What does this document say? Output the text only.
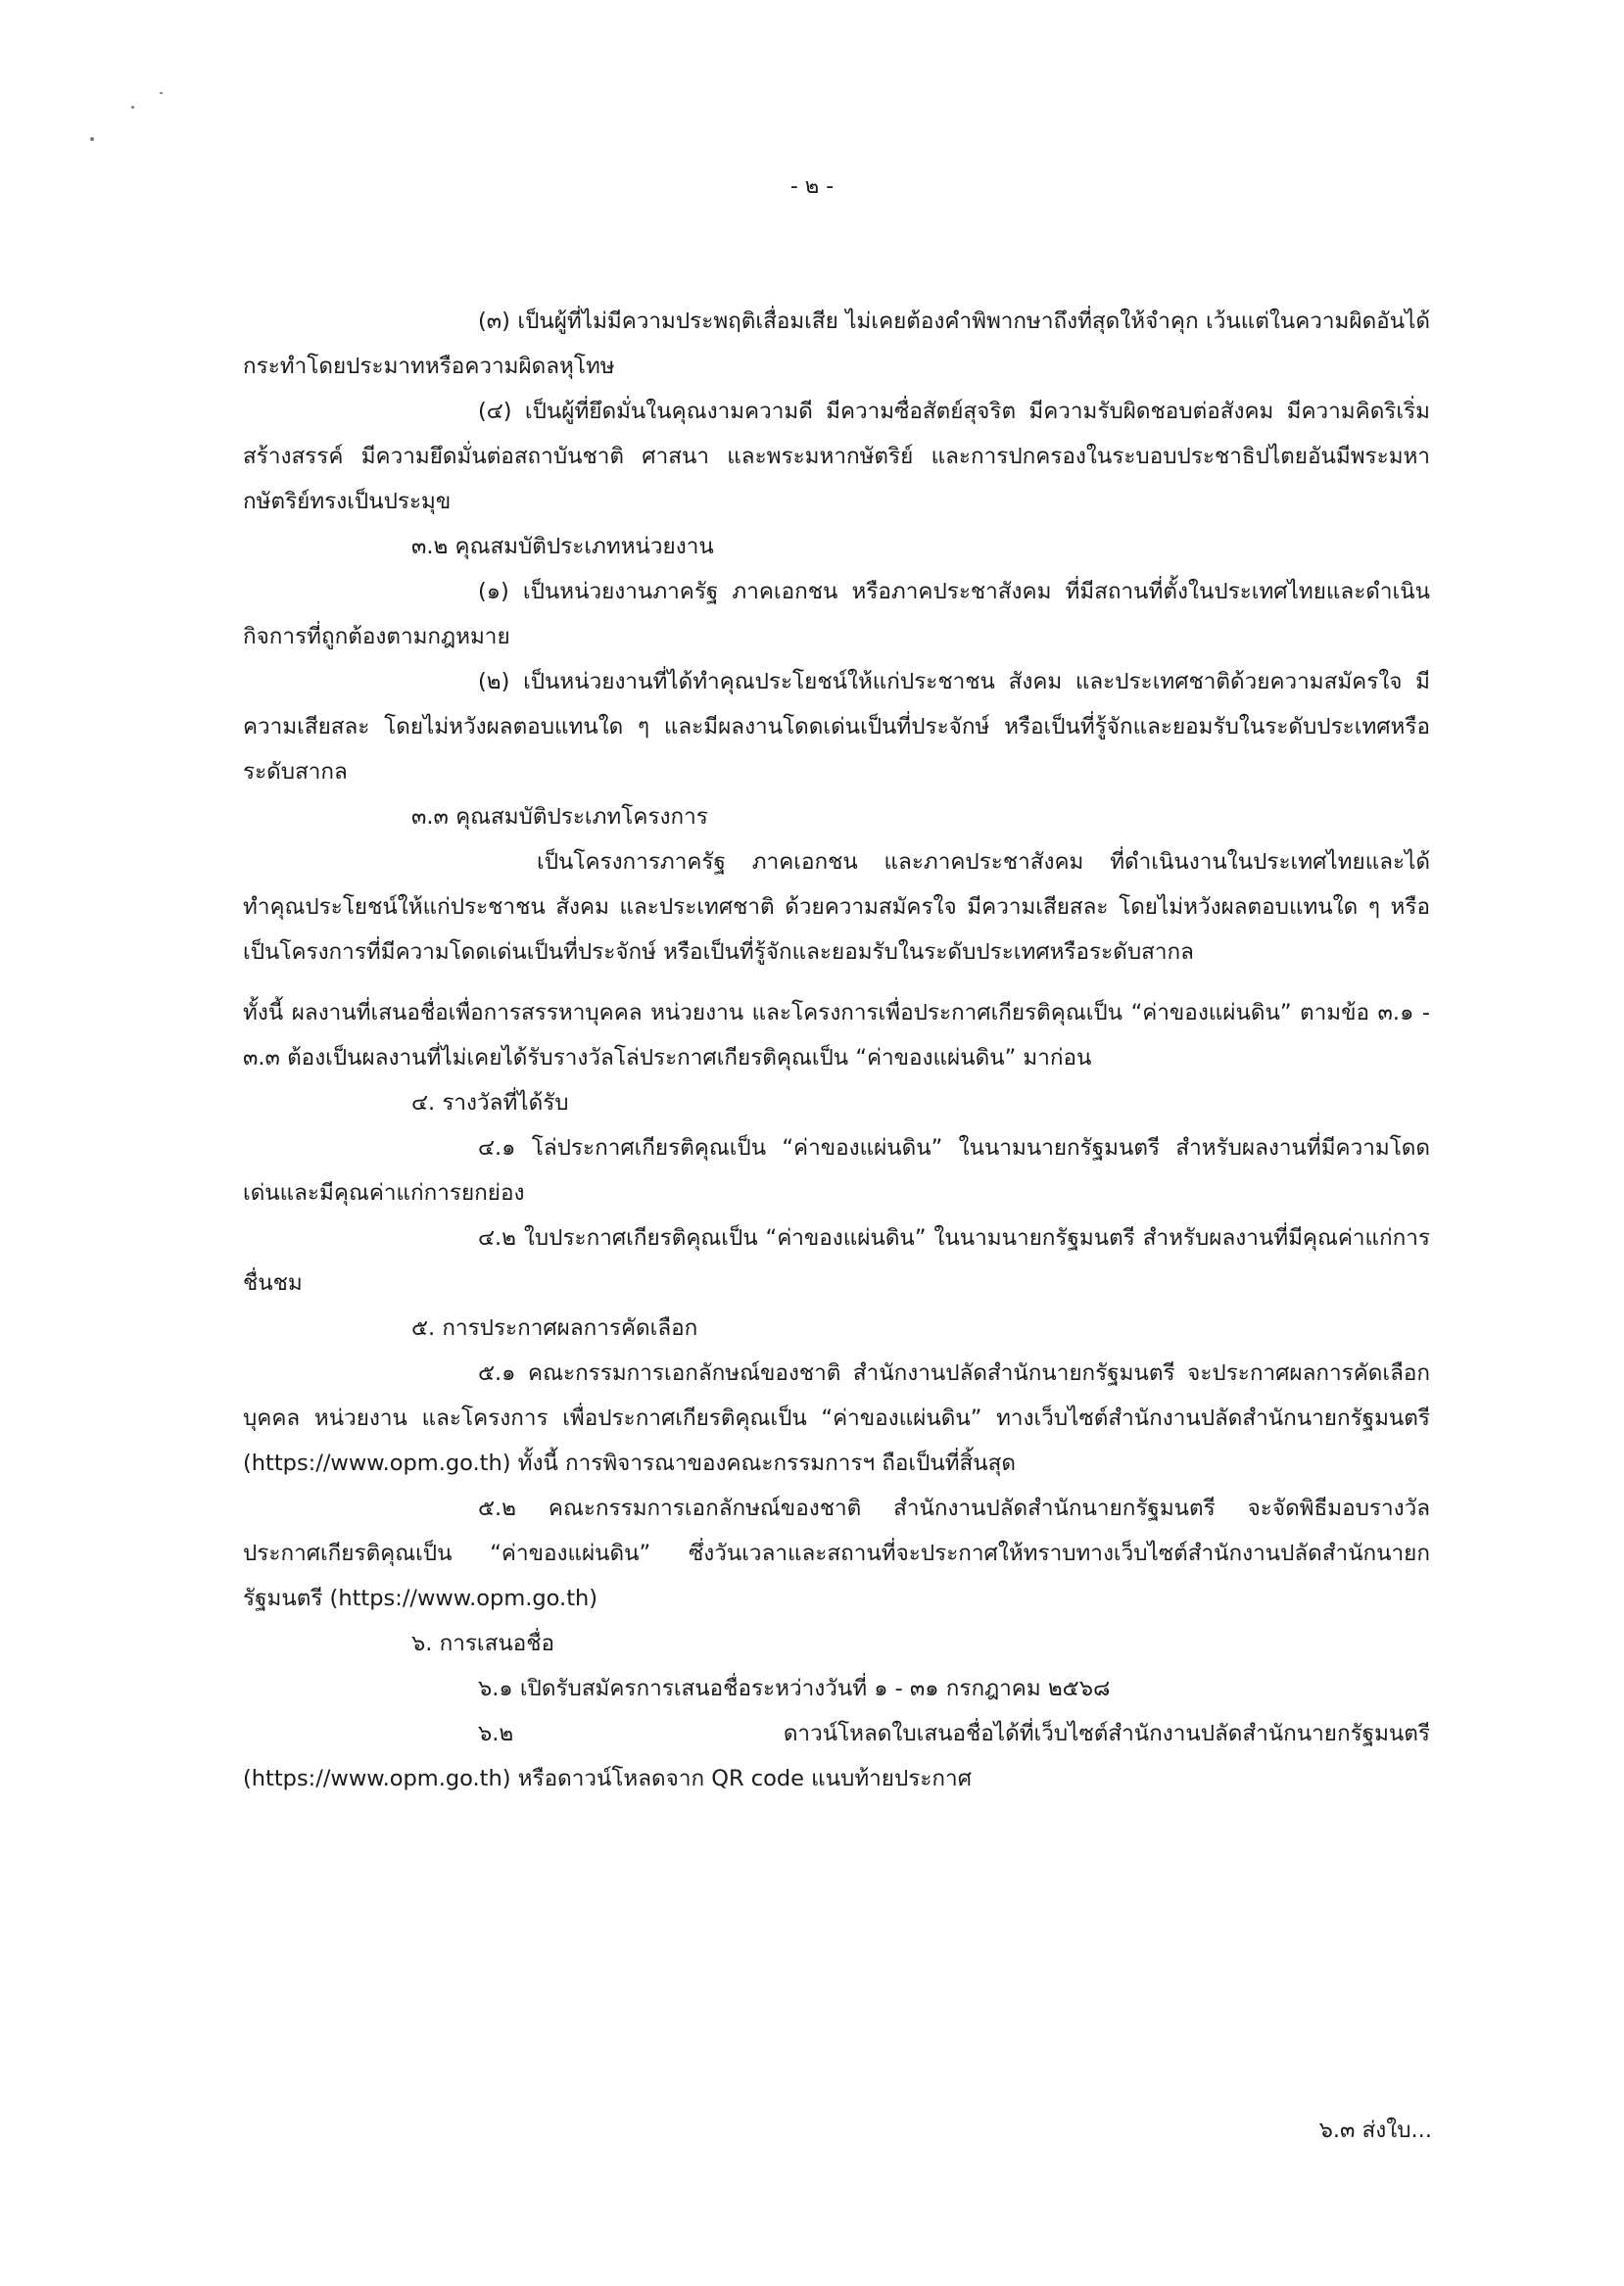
- ๒ -

(๓) เป็นผู้ที่ไม่มีความประพฤติเสื่อมเสีย ไม่เคยต้องคำพิพากษาถึงที่สุดให้จำคุก เว้นแต่ในความผิดอันได้กระทำโดยประมาทหรือความผิดลหุโทษ

(๔) เป็นผู้ที่ยึดมั่นในคุณงามความดี มีความซื่อสัตย์สุจริต มีความรับผิดชอบต่อสังคม มีความคิดริเริ่มสร้างสรรค์ มีความยึดมั่นต่อสถาบันชาติ ศาสนา และพระมหากษัตริย์ และการปกครองในระบอบประชาธิปไตยอันมีพระมหากษัตริย์ทรงเป็นประมุข

๓.๒ คุณสมบัติประเภทหน่วยงาน

(๑) เป็นหน่วยงานภาครัฐ ภาคเอกชน หรือภาคประชาสังคม ที่มีสถานที่ตั้งในประเทศไทยและดำเนินกิจการที่ถูกต้องตามกฎหมาย

(๒) เป็นหน่วยงานที่ได้ทำคุณประโยชน์ให้แก่ประชาชน สังคม และประเทศชาติด้วยความสมัครใจ มีความเสียสละ โดยไม่หวังผลตอบแทนใด ๆ และมีผลงานโดดเด่นเป็นที่ประจักษ์ หรือเป็นที่รู้จักและยอมรับในระดับประเทศหรือระดับสากล

๓.๓ คุณสมบัติประเภทโครงการ

เป็นโครงการภาครัฐ ภาคเอกชน และภาคประชาสังคม ที่ดำเนินงานในประเทศไทยและได้ทำคุณประโยชน์ให้แก่ประชาชน สังคม และประเทศชาติ ด้วยความสมัครใจ มีความเสียสละ โดยไม่หวังผลตอบแทนใด ๆ หรือเป็นโครงการที่มีความโดดเด่นเป็นที่ประจักษ์ หรือเป็นที่รู้จักและยอมรับในระดับประเทศหรือระดับสากล

ทั้งนี้ ผลงานที่เสนอชื่อเพื่อการสรรหาบุคคล หน่วยงาน และโครงการเพื่อประกาศเกียรติคุณเป็น “ค่าของแผ่นดิน” ตามข้อ ๓.๑ - ๓.๓ ต้องเป็นผลงานที่ไม่เคยได้รับรางวัลโล่ประกาศเกียรติคุณเป็น “ค่าของแผ่นดิน” มาก่อน

๔. รางวัลที่ได้รับ

๔.๑ โล่ประกาศเกียรติคุณเป็น “ค่าของแผ่นดิน” ในนามนายกรัฐมนตรี สำหรับผลงานที่มีความโดดเด่นและมีคุณค่าแก่การยกย่อง

๔.๒ ใบประกาศเกียรติคุณเป็น “ค่าของแผ่นดิน” ในนามนายกรัฐมนตรี สำหรับผลงานที่มีคุณค่าแก่การชื่นชม

๕. การประกาศผลการคัดเลือก

๕.๑ คณะกรรมการเอกลักษณ์ของชาติ สำนักงานปลัดสำนักนายกรัฐมนตรี จะประกาศผลการคัดเลือกบุคคล หน่วยงาน และโครงการ เพื่อประกาศเกียรติคุณเป็น “ค่าของแผ่นดิน” ทางเว็บไซต์สำนักงานปลัดสำนักนายกรัฐมนตรี (https://www.opm.go.th) ทั้งนี้ การพิจารณาของคณะกรรมการฯ ถือเป็นที่สิ้นสุด

๕.๒ คณะกรรมการเอกลักษณ์ของชาติ สำนักงานปลัดสำนักนายกรัฐมนตรี จะจัดพิธีมอบรางวัลประกาศเกียรติคุณเป็น “ค่าของแผ่นดิน” ซึ่งวันเวลาและสถานที่จะประกาศให้ทราบทางเว็บไซต์สำนักงานปลัดสำนักนายกรัฐมนตรี (https://www.opm.go.th)

๖. การเสนอชื่อ

๖.๑ เปิดรับสมัครการเสนอชื่อระหว่างวันที่ ๑ - ๓๑ กรกฎาคม ๒๕๖๘

๖.๒ ดาวน์โหลดใบเสนอชื่อได้ที่เว็บไซต์สำนักงานปลัดสำนักนายกรัฐมนตรี (https://www.opm.go.th) หรือดาวน์โหลดจาก QR code แนบท้ายประกาศ

๖.๓ ส่งใบ...
